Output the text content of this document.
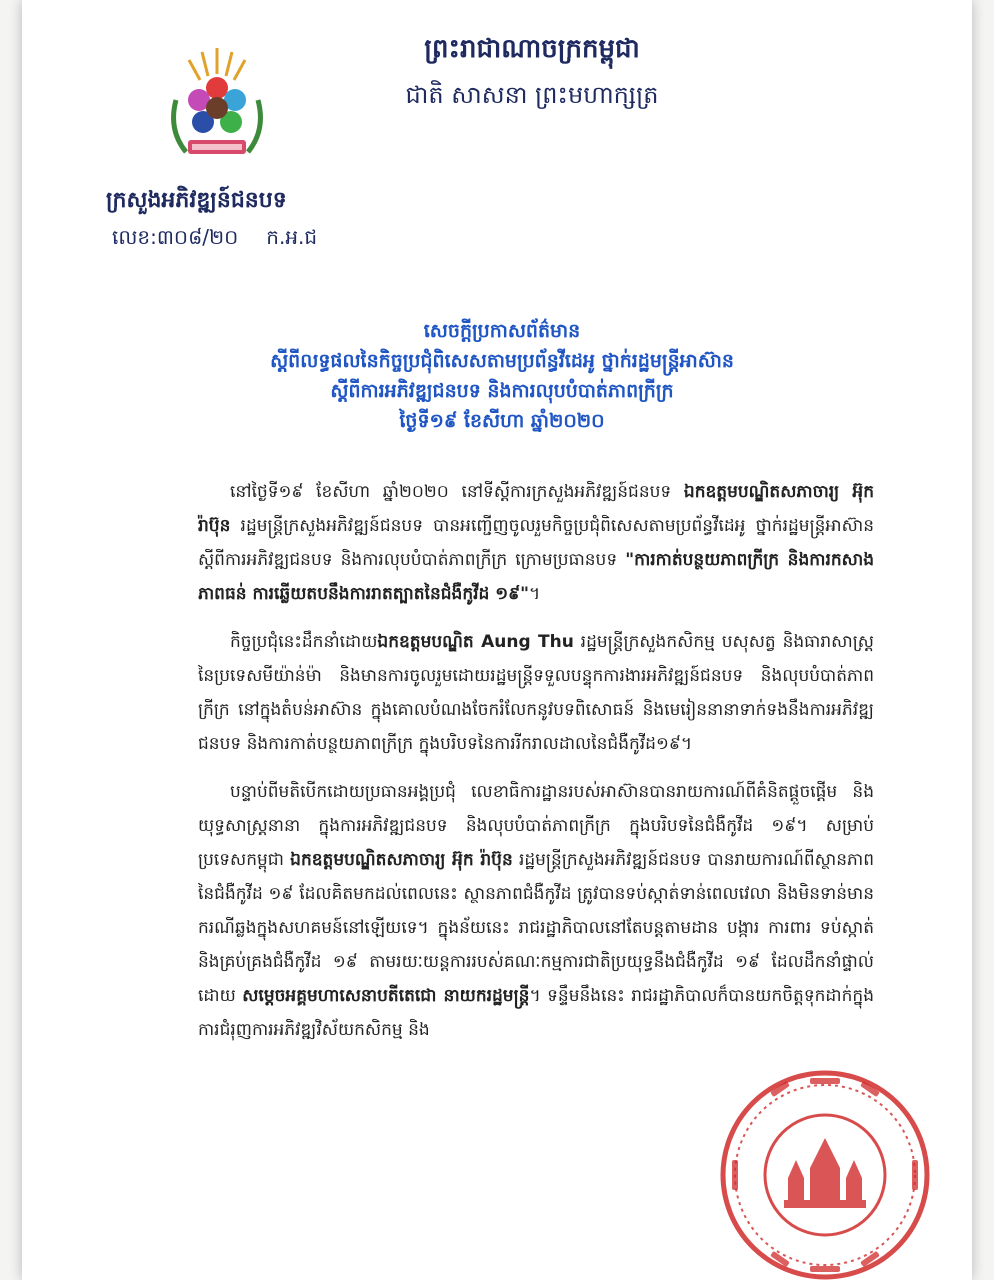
ព្រះរាជាណាចក្រកម្ពុជា
ជាតិ សាសនា ព្រះមហាក្សត្រ
ក្រសួងអភិវឌ្ឍន៍ជនបទ
លេខ:៣០៨/២០ ក.អ.ជ
សេចក្តីប្រកាសព័ត៌មាន
ស្តីពីលទ្ធផលនៃកិច្ចប្រជុំពិសេសតាមប្រព័ន្ធវីដេអូ ថ្នាក់រដ្ឋមន្ត្រីអាស៊ាន
ស្តីពីការអភិវឌ្ឍជនបទ និងការលុបបំបាត់ភាពក្រីក្រ
ថ្ងៃទី១៩ ខែសីហា ឆ្នាំ២០២០

នៅថ្ងៃទី១៩ ខែសីហា ឆ្នាំ២០២០ នៅទីស្តីការក្រសួងអភិវឌ្ឍន៍ជនបទ ឯកឧត្តមបណ្ឌិតសភាចារ្យ អ៊ុក រ៉ាប៊ុន រដ្ឋមន្ត្រីក្រសួងអភិវឌ្ឍន៍ជនបទ បានអញ្ជើញចូលរួមកិច្ចប្រជុំពិសេសតាមប្រព័ន្ធវីដេអូ ថ្នាក់រដ្ឋមន្ត្រីអាស៊ាន ស្តីពីការអភិវឌ្ឍជនបទ និងការលុបបំបាត់ភាពក្រីក្រ ក្រោមប្រធានបទ "ការកាត់បន្ថយភាពក្រីក្រ និងការកសាងភាពធន់ ការឆ្លើយតបនឹងការរាតត្បាតនៃជំងឺកូវីដ ១៩"។

កិច្ចប្រជុំនេះដឹកនាំដោយឯកឧត្តមបណ្ឌិត Aung Thu រដ្ឋមន្ត្រីក្រសួងកសិកម្ម បសុសត្វ និងធារាសាស្ត្រនៃប្រទេសមីយ៉ាន់ម៉ា និងមានការចូលរួមដោយរដ្ឋមន្ត្រីទទួលបន្ទុកការងារអភិវឌ្ឍន៍ជនបទ និងលុបបំបាត់ភាពក្រីក្រ នៅក្នុងតំបន់អាស៊ាន ក្នុងគោលបំណងចែករំលែកនូវបទពិសោធន៍ និងមេរៀននានាទាក់ទងនឹងការអភិវឌ្ឍជនបទ និងការកាត់បន្ថយភាពក្រីក្រ ក្នុងបរិបទនៃការរីករាលដាលនៃជំងឺកូវីដ១៩។

បន្ទាប់ពីមតិបើកដោយប្រធានអង្គប្រជុំ លេខាធិការដ្ឋានរបស់អាស៊ានបានរាយការណ៍ពីគំនិតផ្តួចផ្តើម និងយុទ្ធសាស្ត្រនានា ក្នុងការអភិវឌ្ឍជនបទ និងលុបបំបាត់ភាពក្រីក្រ ក្នុងបរិបទនៃជំងឺកូវីដ ១៩។ សម្រាប់ប្រទេសកម្ពុជា ឯកឧត្តមបណ្ឌិតសភាចារ្យ អ៊ុក រ៉ាប៊ុន រដ្ឋមន្ត្រីក្រសួងអភិវឌ្ឍន៍ជនបទ បានរាយការណ៍ពីស្ថានភាពនៃជំងឺកូវីដ ១៩ ដែលគិតមកដល់ពេលនេះ ស្ថានភាពជំងឺកូវីដ ត្រូវបានទប់ស្កាត់ទាន់ពេលវេលា និងមិនទាន់មានករណីឆ្លងក្នុងសហគមន៍នៅឡើយទេ។ ក្នុងន័យនេះ រាជរដ្ឋាភិបាលនៅតែបន្តតាមដាន បង្ការ ការពារ ទប់ស្កាត់ និងគ្រប់គ្រងជំងឺកូវីដ ១៩ តាមរយៈយន្តការរបស់គណៈកម្មការជាតិប្រយុទ្ធនឹងជំងឺកូវីដ ១៩ ដែលដឹកនាំផ្ទាល់ដោយ សម្តេចអគ្គមហាសេនាបតីតេជោ នាយករដ្ឋមន្ត្រី។ ទន្ទឹមនឹងនេះ រាជរដ្ឋាភិបាលក៏បានយកចិត្តទុកដាក់ក្នុងការជំរុញការអភិវឌ្ឍវិស័យកសិកម្ម និង
